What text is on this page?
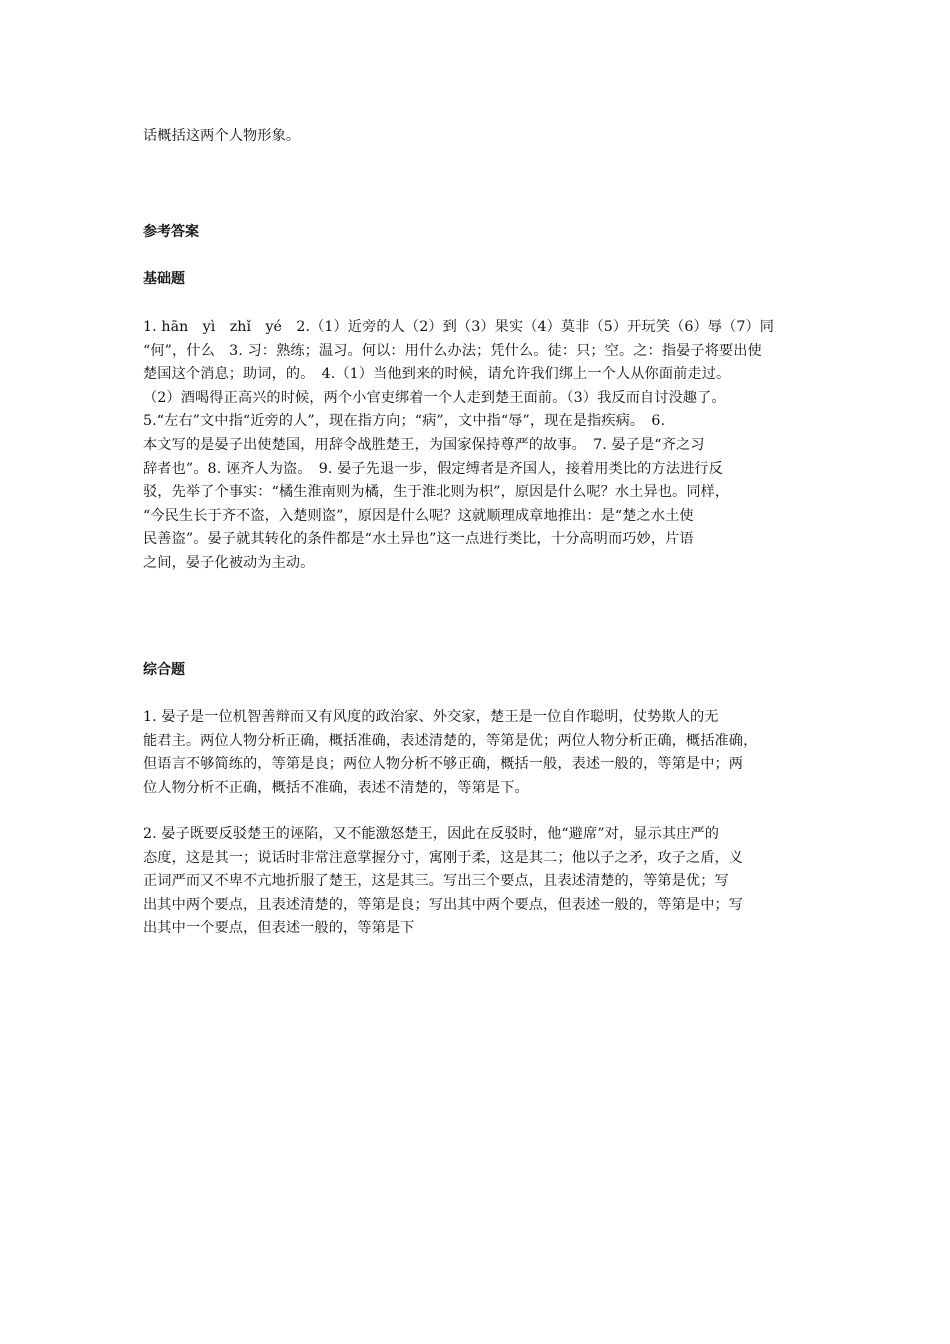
话概括这两个人物形象。
参考答案
基础题
1. hān　yì　zhǐ　yé　2.（1）近旁的人（2）到（3）果实（4）莫非（5）开玩笑（6）辱（7）同
“何”，什么　3. 习：熟练；温习。何以：用什么办法；凭什么。徒：只；空。之：指晏子将要出使
楚国这个消息；助词，的。　4.（1）当他到来的时候，请允许我们绑上一个人从你面前走过。
（2）酒喝得正高兴的时候，两个小官吏绑着一个人走到楚王面前。（3）我反而自讨没趣了。
5.“左右”文中指“近旁的人”，现在指方向；“病”，文中指“辱”，现在是指疾病。　6.
本文写的是晏子出使楚国，用辞令战胜楚王，为国家保持尊严的故事。　7. 晏子是“齐之习
辞者也”。8. 诬齐人为盗。　9. 晏子先退一步，假定缚者是齐国人，接着用类比的方法进行反
驳，先举了个事实：“橘生淮南则为橘，生于淮北则为枳”，原因是什么呢？水土异也。同样，
“今民生长于齐不盗，入楚则盗”，原因是什么呢？这就顺理成章地推出：是“楚之水土使
民善盗”。晏子就其转化的条件都是“水土异也”这一点进行类比，十分高明而巧妙，片语
之间，晏子化被动为主动。
综合题
1. 晏子是一位机智善辩而又有风度的政治家、外交家，楚王是一位自作聪明，仗势欺人的无
能君主。两位人物分析正确，概括准确，表述清楚的，等第是优；两位人物分析正确，概括准确，
但语言不够简练的，等第是良；两位人物分析不够正确，概括一般，表述一般的，等第是中；两
位人物分析不正确，概括不准确，表述不清楚的，等第是下。
2. 晏子既要反驳楚王的诬陷，又不能激怒楚王，因此在反驳时，他“避席”对，显示其庄严的
态度，这是其一；说话时非常注意掌握分寸，寓刚于柔，这是其二；他以子之矛，攻子之盾，义
正词严而又不卑不亢地折服了楚王，这是其三。写出三个要点，且表述清楚的，等第是优；写
出其中两个要点，且表述清楚的，等第是良；写出其中两个要点，但表述一般的，等第是中；写
出其中一个要点，但表述一般的，等第是下
